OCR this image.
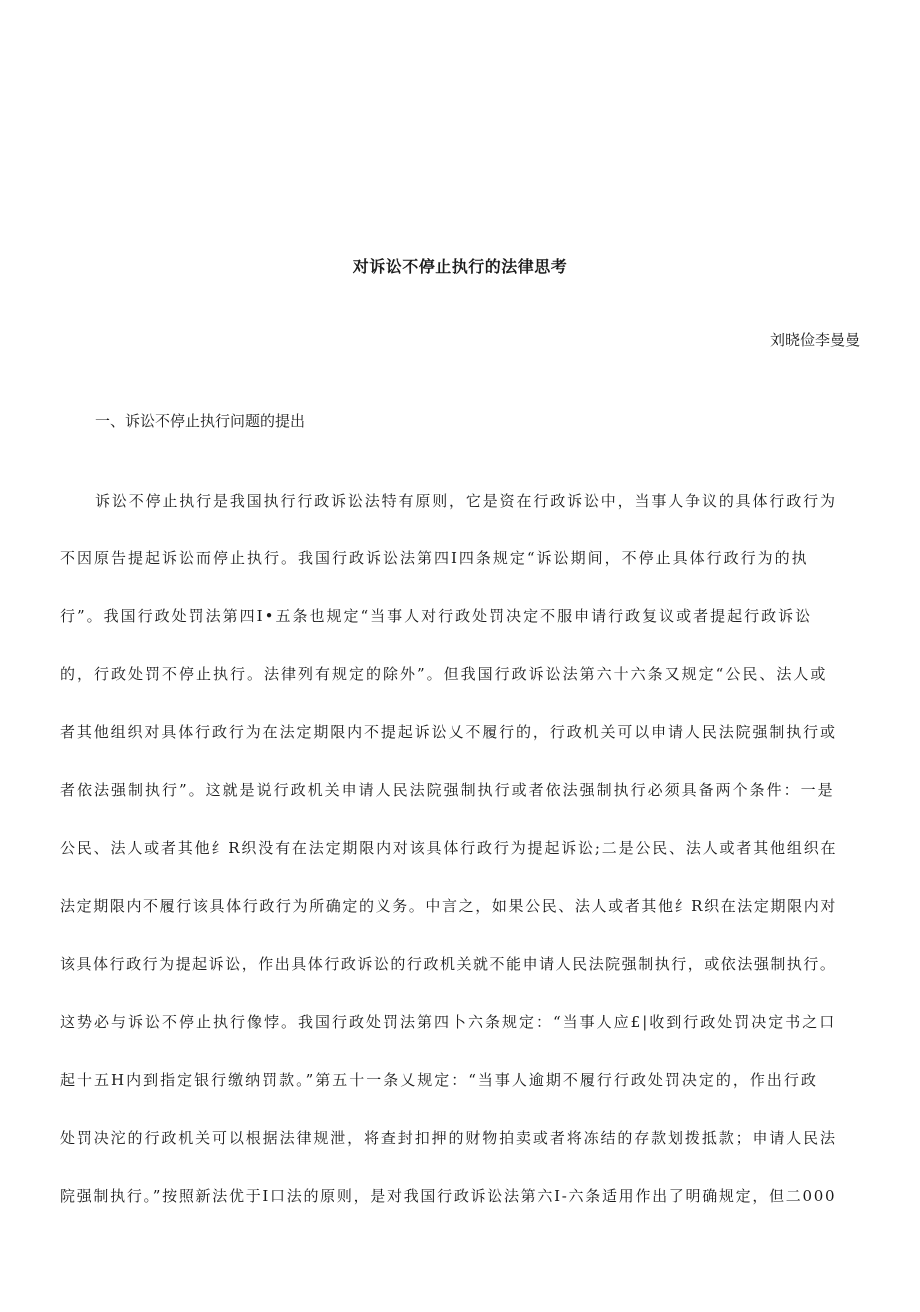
对诉讼不停止执行的法律思考
刘晓俭李曼曼
一、诉讼不停止执行问题的提出
诉讼不停止执行是我国执行行政诉讼法特有原则，它是资在行政诉讼中，当事人争议的具体行政行为
不因原告提起诉讼而停止执行。我国行政诉讼法第四I四条规定“诉讼期间，不停止具体行政行为的执
行”。我国行政处罚法第四I•五条也规定“当事人对行政处罚决定不服申请行政复议或者提起行政诉讼
的，行政处罚不停止执行。法律列有规定的除外”。但我国行政诉讼法第六十六条又规定“公民、法人或
者其他组织对具体行政行为在法定期限内不提起诉讼乂不履行的，行政机关可以申请人民法院强制执行或
者依法强制执行”。这就是说行政机关申请人民法院强制执行或者依法强制执行必须具备两个条件：一是
公民、法人或者其他纟R织没有在法定期限内对该具体行政行为提起诉讼;二是公民、法人或者其他组织在
法定期限内不履行该具体行政行为所确定的义务。中言之，如果公民、法人或者其他纟R织在法定期限内对
该具体行政行为提起诉讼，作出具体行政诉讼的行政机关就不能申请人民法院强制执行，或依法强制执行。
这势必与诉讼不停止执行像悖。我国行政处罚法第四卜六条规定：“当事人应£|收到行政处罚决定书之口
起十五H内到指定银行缴纳罚款。”第五十一条乂规定：“当事人逾期不履行行政处罚决定的，作出行政
处罚决沱的行政机关可以根据法律规泄，将查封扣押的财物拍卖或者将冻结的存款划拨抵款；申请人民法
院强制执行。”按照新法优于I口法的原则，是对我国行政诉讼法第六I-六条适用作出了明确规定，但二000
